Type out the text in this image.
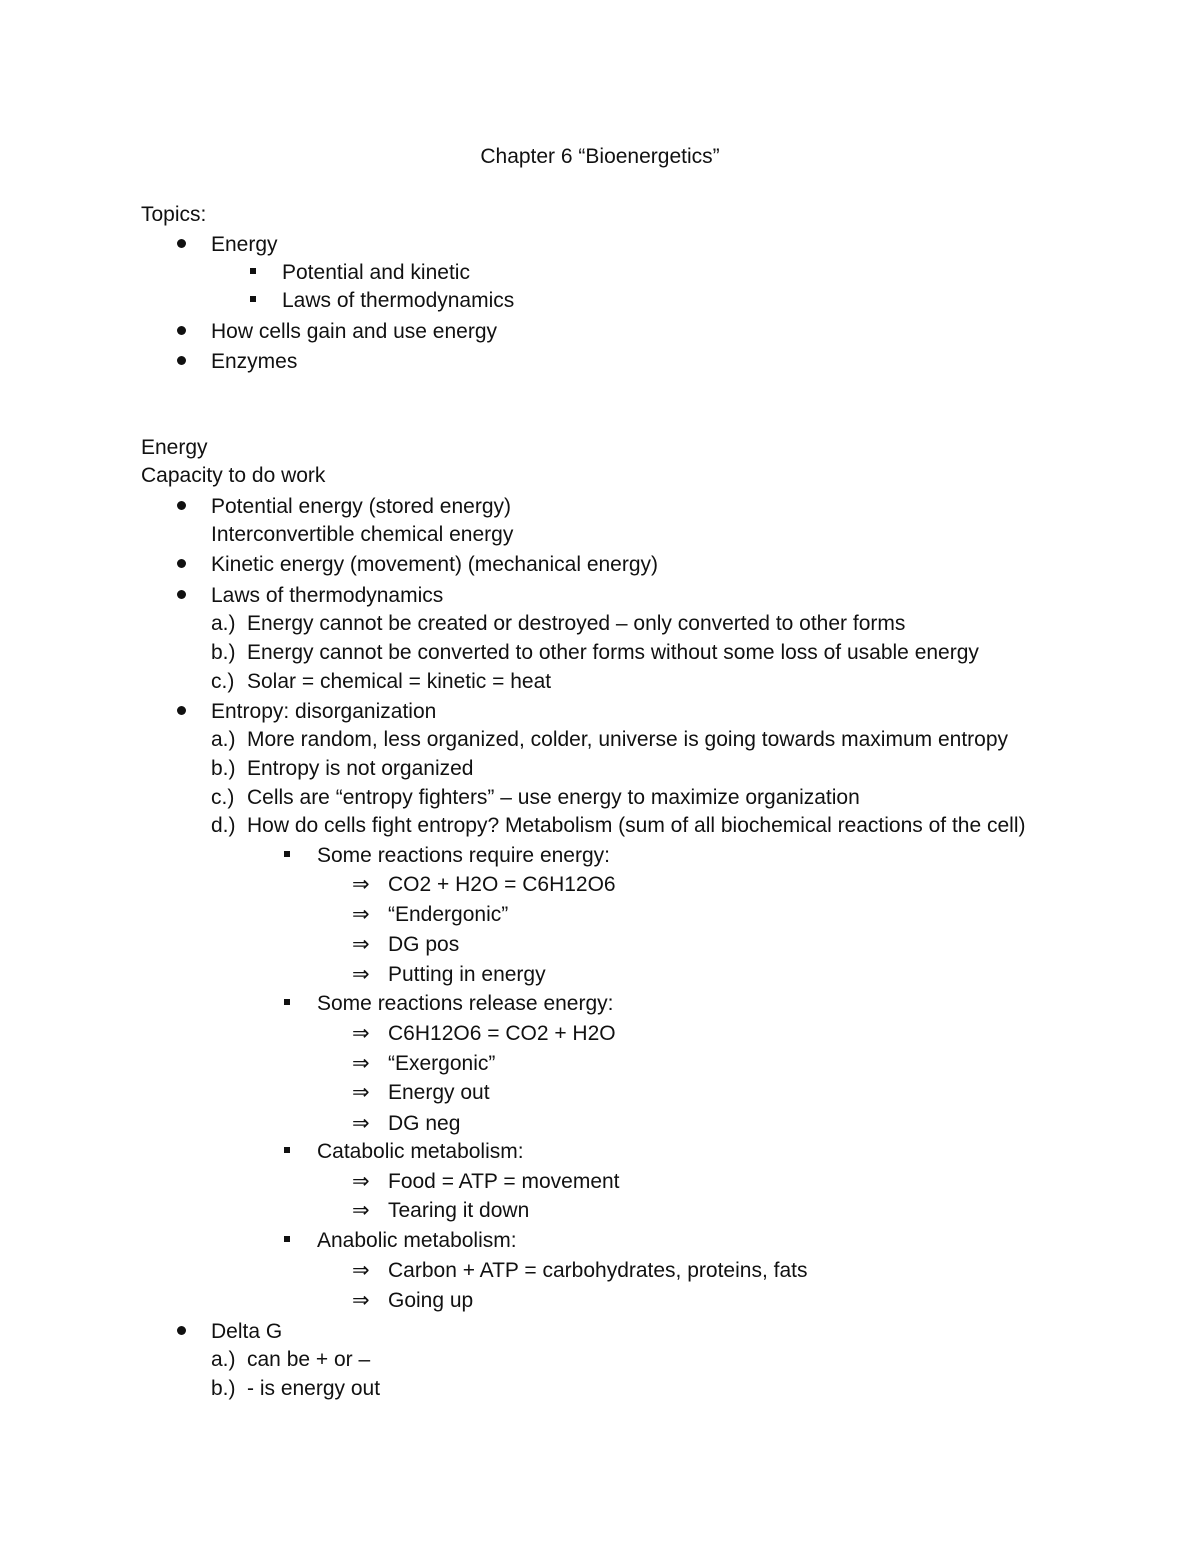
Chapter 6 “Bioenergetics”
Topics:
Energy
Potential and kinetic
Laws of thermodynamics
How cells gain and use energy
Enzymes
Energy
Capacity to do work
Potential energy (stored energy)
Interconvertible chemical energy
Kinetic energy (movement) (mechanical energy)
Laws of thermodynamics
a.) Energy cannot be created or destroyed – only converted to other forms
b.) Energy cannot be converted to other forms without some loss of usable energy
c.) Solar = chemical = kinetic = heat
Entropy: disorganization
a.) More random, less organized, colder, universe is going towards maximum entropy
b.) Entropy is not organized
c.) Cells are “entropy fighters” – use energy to maximize organization
d.) How do cells fight entropy? Metabolism (sum of all biochemical reactions of the cell)
Some reactions require energy:
⇒ CO2 + H2O = C6H12O6
⇒ “Endergonic”
⇒ DG pos
⇒ Putting in energy
Some reactions release energy:
⇒ C6H12O6 = CO2 + H2O
⇒ “Exergonic”
⇒ Energy out
⇒ DG neg
Catabolic metabolism:
⇒ Food = ATP = movement
⇒ Tearing it down
Anabolic metabolism:
⇒ Carbon + ATP = carbohydrates, proteins, fats
⇒ Going up
Delta G
a.) can be + or –
b.) - is energy out
